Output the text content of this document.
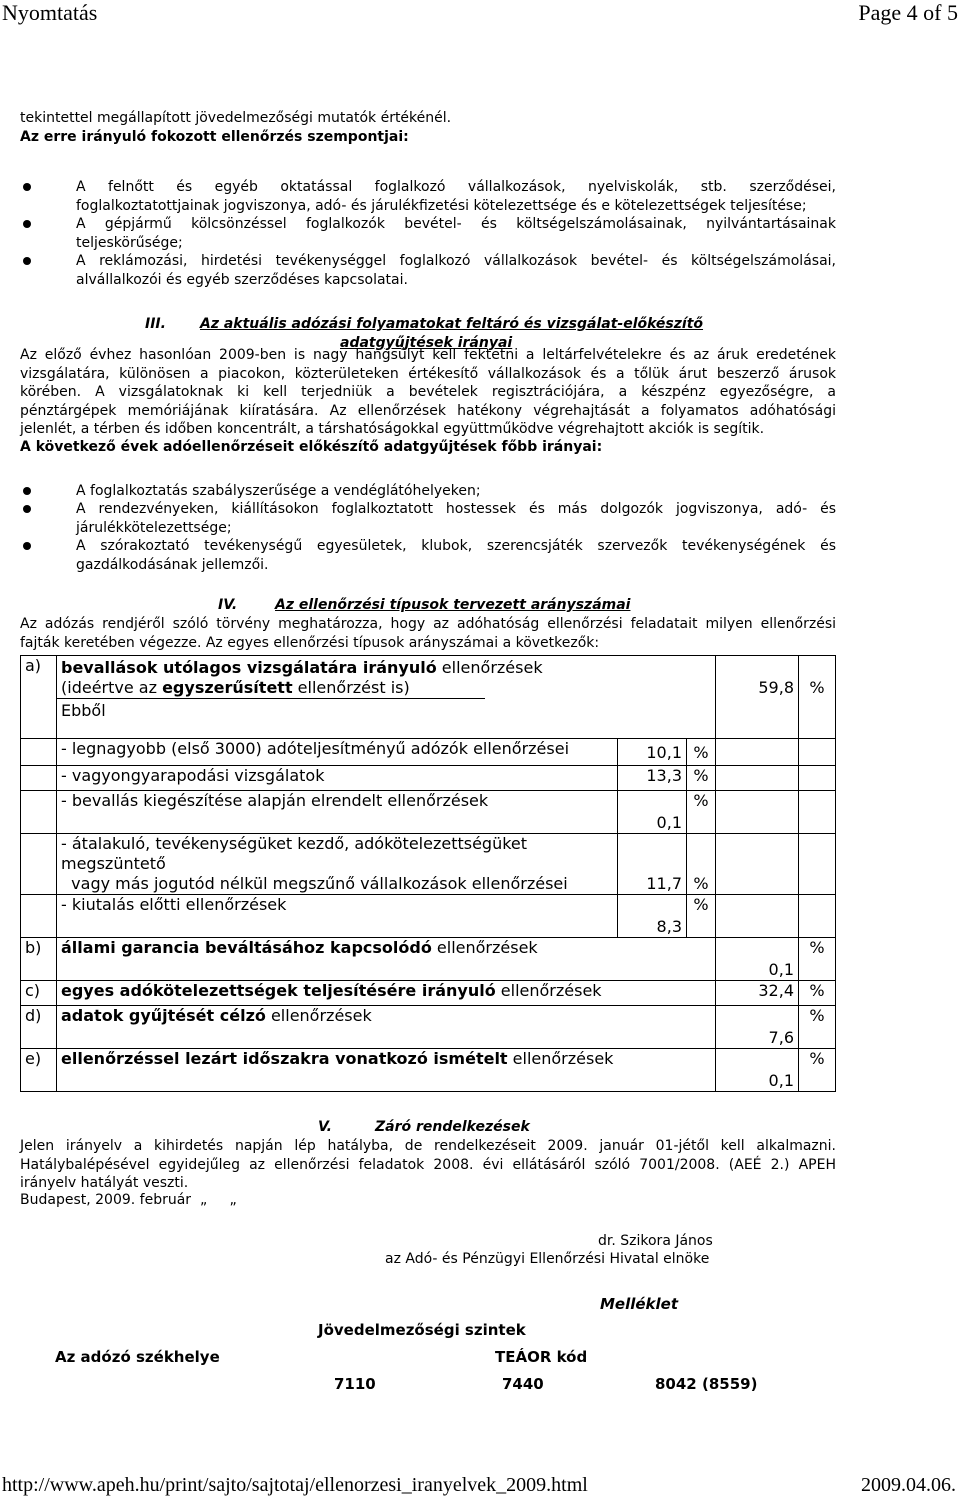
Nyomtatás	Page 4 of 5
tekintettel megállapított jövedelmezőségi mutatók értékénél.
Az erre irányuló fokozott ellenőrzés szempontjai:
A felnőtt és egyéb oktatással foglalkozó vállalkozások, nyelviskolák, stb. szerződései,
foglalkoztatottjainak jogviszonya, adó- és járulékfizetési kötelezettsége és e kötelezettségek teljesítése;
A gépjármű kölcsönzéssel foglalkozók bevétel- és költségelszámolásainak, nyilvántartásainak
teljeskörűsége;
A reklámozási, hirdetési tevékenységgel foglalkozó vállalkozások bevétel- és költségelszámolásai,
alvállalkozói és egyéb szerződéses kapcsolatai.
III. Az aktuális adózási folyamatokat feltáró és vizsgálat-előkészítő
adatgyűjtések irányai
Az előző évhez hasonlóan 2009-ben is nagy hangsúlyt kell fektetni a leltárfelvételekre és az áruk eredetének
vizsgálatára, különösen a piacokon, közterületeken értékesítő vállalkozások és a tőlük árut beszerző árusok
körében. A vizsgálatoknak ki kell terjedniük a bevételek regisztrációjára, a készpénz egyezőségre, a
pénztárgépek memóriájának kiíratására. Az ellenőrzések hatékony végrehajtását a folyamatos adóhatósági
jelenlét, a térben és időben koncentrált, a társhatóságokkal együttműködve végrehajtott akciók is segítik.
A következő évek adóellenőrzéseit előkészítő adatgyűjtések főbb irányai:
A foglalkoztatás szabályszerűsége a vendéglátóhelyeken;
A rendezvényeken, kiállításokon foglalkoztatott hostessek és más dolgozók jogviszonya, adó- és
járulékkötelezettsége;
A szórakoztató tevékenységű egyesületek, klubok, szerencsjáték szervezők tevékenységének és
gazdálkodásának jellemzői.
IV.	Az ellenőrzési típusok tervezett arányszámai
Az adózás rendjéről szóló törvény meghatározza, hogy az adóhatóság ellenőrzési feladatait milyen ellenőrzési
fajták keretében végezze. Az egyes ellenőrzési típusok arányszámai a következők:
a)	bevallások utólagos vizsgálatára irányuló ellenőrzések
(ideértve az egyszerűsített ellenőrzést is)
Ebből			59,8	%
	- legnagyobb (első 3000) adóteljesítményű adózók ellenőrzései	10,1	%		
	- vagyongyarapodási vizsgálatok	13,3	%		
	- bevallás kiegészítése alapján elrendelt ellenőrzések	0,1	%		
	- átalakuló, tevékenységüket kezdő, adókötelezettségüket megszüntető
vagy más jogutód nélkül megszűnő vállalkozások ellenőrzései	11,7	%		
	- kiutalás előtti ellenőrzések	8,3	%		
b)	állami garancia beváltásához kapcsolódó ellenőrzések			0,1	%
c)	egyes adókötelezettségek teljesítésére irányuló ellenőrzések			32,4	%
d)	adatok gyűjtését célzó ellenőrzések			7,6	%
e)	ellenőrzéssel lezárt időszakra vonatkozó ismételt ellenőrzések			0,1	%
V.	Záró rendelkezések
Jelen irányelv a kihirdetés napján lép hatályba, de rendelkezéseit 2009. január 01-jétől kell alkalmazni.
Hatálybalépésével egyidejűleg az ellenőrzési feladatok 2008. évi ellátásáról szóló 7001/2008. (AEÉ 2.) APEH
irányelv hatályát veszti.
Budapest, 2009. február  „     „
dr. Szikora János
az Adó- és Pénzügyi Ellenőrzési Hivatal elnöke
Melléklet
Jövedelmezőségi szintek
Az adózó székhelye	TEÁOR kód
7110	7440	8042 (8559)
http://www.apeh.hu/print/sajto/sajtotaj/ellenorzesi_iranyelvek_2009.html	2009.04.06.
